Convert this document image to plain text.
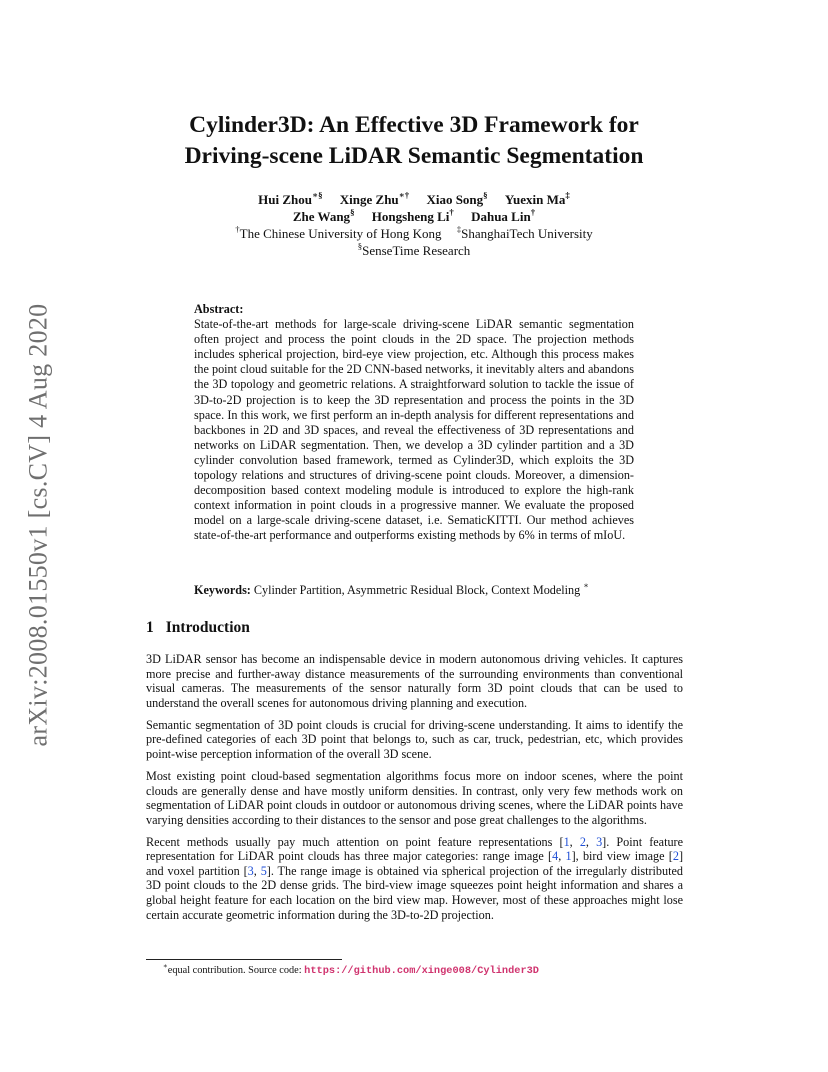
arXiv:2008.01550v1 [cs.CV] 4 Aug 2020
Cylinder3D: An Effective 3D Framework for
Driving-scene LiDAR Semantic Segmentation
Hui Zhou∗§ Xinge Zhu∗† Xiao Song§ Yuexin Ma‡
Zhe Wang§ Hongsheng Li† Dahua Lin†
†The Chinese University of Hong Kong ‡ShanghaiTech University
§SenseTime Research
Abstract:

State-of-the-art methods for large-scale driving-scene LiDAR semantic segmentation often project and process the point clouds in the 2D space. The projection methods includes spherical projection, bird-eye view projection, etc. Although this process makes the point cloud suitable for the 2D CNN-based networks, it inevitably alters and abandons the 3D topology and geometric relations. A straightforward solution to tackle the issue of 3D-to-2D projection is to keep the 3D representation and process the points in the 3D space. In this work, we first perform an in-depth analysis for different representations and backbones in 2D and 3D spaces, and reveal the effectiveness of 3D representations and networks on LiDAR segmentation. Then, we develop a 3D cylinder partition and a 3D cylinder convolution based framework, termed as Cylinder3D, which exploits the 3D topology relations and structures of driving-scene point clouds. Moreover, a dimension-decomposition based context modeling module is introduced to explore the high-rank context information in point clouds in a progressive manner. We evaluate the proposed model on a large-scale driving-scene dataset, i.e. SematicKITTI. Our method achieves state-of-the-art performance and outperforms existing methods by 6% in terms of mIoU.

Keywords: Cylinder Partition, Asymmetric Residual Block, Context Modeling ∗
1 Introduction

3D LiDAR sensor has become an indispensable device in modern autonomous driving vehicles. It captures more precise and further-away distance measurements of the surrounding environments than conventional visual cameras. The measurements of the sensor naturally form 3D point clouds that can be used to understand the overall scenes for autonomous driving planning and execution.

Semantic segmentation of 3D point clouds is crucial for driving-scene understanding. It aims to identify the pre-defined categories of each 3D point that belongs to, such as car, truck, pedestrian, etc, which provides point-wise perception information of the overall 3D scene.

Most existing point cloud-based segmentation algorithms focus more on indoor scenes, where the point clouds are generally dense and have mostly uniform densities. In contrast, only very few methods work on segmentation of LiDAR point clouds in outdoor or autonomous driving scenes, where the LiDAR points have varying densities according to their distances to the sensor and pose great challenges to the algorithms.

Recent methods usually pay much attention on point feature representations [1, 2, 3]. Point feature representation for LiDAR point clouds has three major categories: range image [4, 1], bird view image [2] and voxel partition [3, 5]. The range image is obtained via spherical projection of the irregularly distributed 3D point clouds to the 2D dense grids. The bird-view image squeezes point height information and shares a global height feature for each location on the bird view map. However, most of these approaches might lose certain accurate geometric information during the 3D-to-2D projection.

∗equal contribution. Source code: https://github.com/xinge008/Cylinder3D
